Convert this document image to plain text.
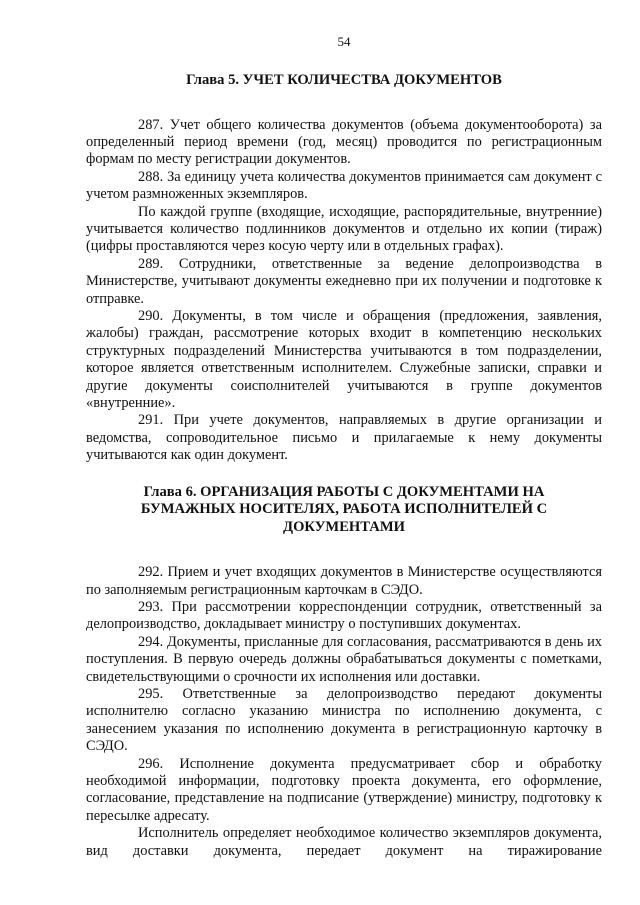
54
Глава 5. УЧЕТ КОЛИЧЕСТВА ДОКУМЕНТОВ

287. Учет общего количества документов (объема документооборота) за определенный период времени (год, месяц) проводится по регистрационным формам по месту регистрации документов.

288. За единицу учета количества документов принимается сам документ с учетом размноженных экземпляров.

По каждой группе (входящие, исходящие, распорядительные, внутренние) учитывается количество подлинников документов и отдельно их копии (тираж) (цифры проставляются через косую черту или в отдельных графах).

289. Сотрудники, ответственные за ведение делопроизводства в Министерстве, учитывают документы ежедневно при их получении и подготовке к отправке.

290. Документы, в том числе и обращения (предложения, заявления, жалобы) граждан, рассмотрение которых входит в компетенцию нескольких структурных подразделений Министерства учитываются в том подразделении, которое является ответственным исполнителем. Служебные записки, справки и другие документы соисполнителей учитываются в группе документов «внутренние».

291. При учете документов, направляемых в другие организации и ведомства, сопроводительное письмо и прилагаемые к нему документы учитываются как один документ.

Глава 6. ОРГАНИЗАЦИЯ РАБОТЫ С ДОКУМЕНТАМИ НА
БУМАЖНЫХ НОСИТЕЛЯХ, РАБОТА ИСПОЛНИТЕЛЕЙ С
ДОКУМЕНТАМИ

292. Прием и учет входящих документов в Министерстве осуществляются по заполняемым регистрационным карточкам в СЭДО.

293. При рассмотрении корреспонденции сотрудник, ответственный за делопроизводство, докладывает министру о поступивших документах.

294. Документы, присланные для согласования, рассматриваются в день их поступления. В первую очередь должны обрабатываться документы с пометками, свидетельствующими о срочности их исполнения или доставки.

295. Ответственные за делопроизводство передают документы исполнителю согласно указанию министра по исполнению документа, с занесением указания по исполнению документа в регистрационную карточку в СЭДО.

296. Исполнение документа предусматривает сбор и обработку необходимой информации, подготовку проекта документа, его оформление, согласование, представление на подписание (утверждение) министру, подготовку к пересылке адресату.

Исполнитель определяет необходимое количество экземпляров документа, вид доставки документа, передает документ на тиражирование
